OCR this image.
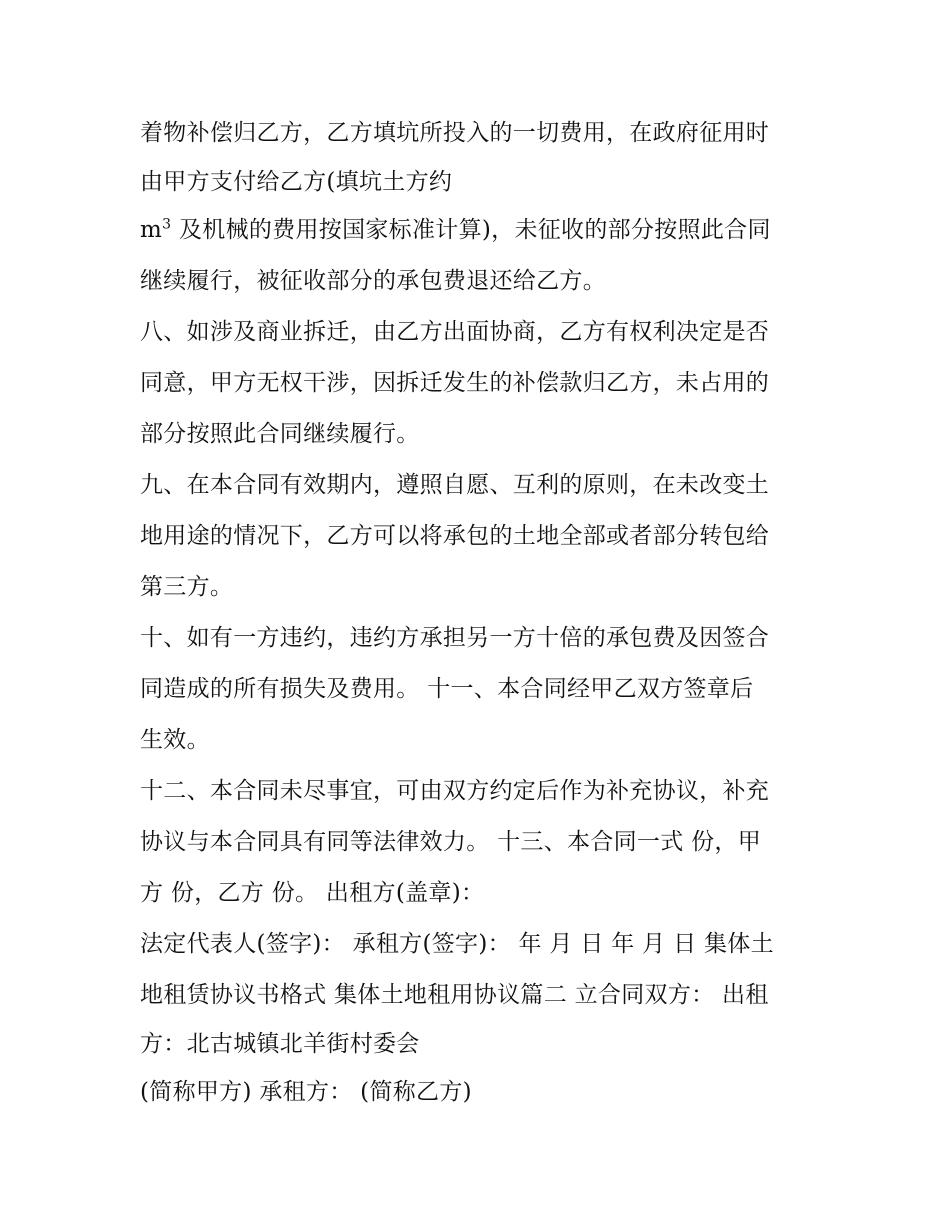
着物补偿归乙方，乙方填坑所投入的一切费用，在政府征用时
由甲方支付给乙方(填坑土方约
$m^3$ 及机械的费用按国家标准计算)，未征收的部分按照此合同
继续履行，被征收部分的承包费退还给乙方。
八、如涉及商业拆迁，由乙方出面协商，乙方有权利决定是否
同意，甲方无权干涉，因拆迁发生的补偿款归乙方，未占用的
部分按照此合同继续履行。
九、在本合同有效期内，遵照自愿、互利的原则，在未改变土
地用途的情况下，乙方可以将承包的土地全部或者部分转包给
第三方。
十、如有一方违约，违约方承担另一方十倍的承包费及因签合
同造成的所有损失及费用。 十一、本合同经甲乙双方签章后
生效。
十二、本合同未尽事宜，可由双方约定后作为补充协议，补充
协议与本合同具有同等法律效力。 十三、本合同一式 份，甲
方 份，乙方 份。 出租方(盖章)：
法定代表人(签字)： 承租方(签字)： 年 月 日 年 月 日 集体土
地租赁协议书格式 集体土地租用协议篇二 立合同双方： 出租
方：北古城镇北羊街村委会
(简称甲方) 承租方： (简称乙方)
